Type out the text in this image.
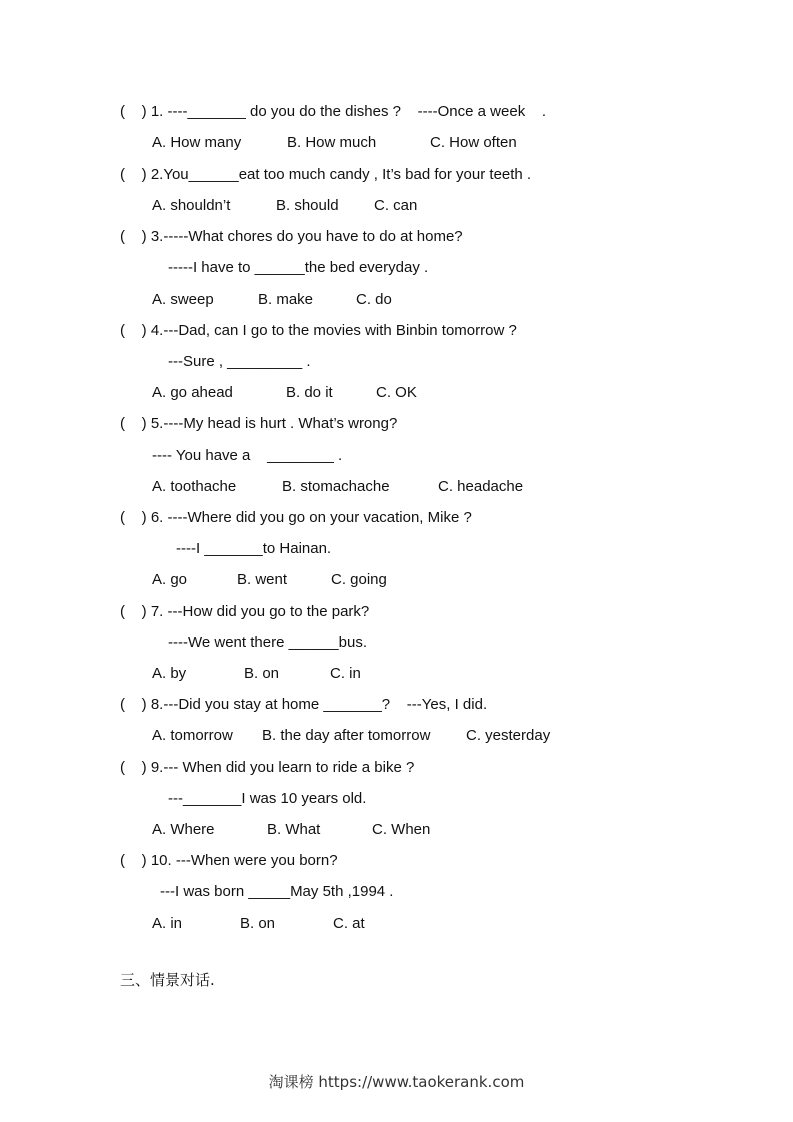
(    ) 1. ----_______ do you do the dishes ?    ----Once a week    .
A. How many	B. How much	C. How often
(    ) 2.You______eat too much candy , It’s bad for your teeth .
A. shouldn’t	B. should C. can
(    ) 3.-----What chores do you have to do at home?
-----I have to ______the bed everyday .
A. sweep	B. make	C. do
(    ) 4.---Dad, can I go to the movies with Binbin tomorrow ?
---Sure , _________ .
A. go ahead	B. do it	C. OK
(    ) 5.----My head is hurt . What’s wrong?
---- You have a    ________ .
A. toothache	B. stomachache	C. headache
(    ) 6. ----Where did you go on your vacation, Mike ?
----I _______to Hainan.
A. go	B. went	C. going
(    ) 7. ---How did you go to the park?
----We went there ______bus.
A. by	B. on	C. in
(    ) 8.---Did you stay at home _______?    ---Yes, I did.
A. tomorrow B. the day after tomorrow C. yesterday
(    ) 9.--- When did you learn to ride a bike ?
---_______I was 10 years old.
A. Where	B. What	C. When
(    ) 10. ---When were you born?
---I was born _____May 5th ,1994 .
A. in	B. on	C. at
三、情景对话.
淘课榜 https://www.taokerank.com
